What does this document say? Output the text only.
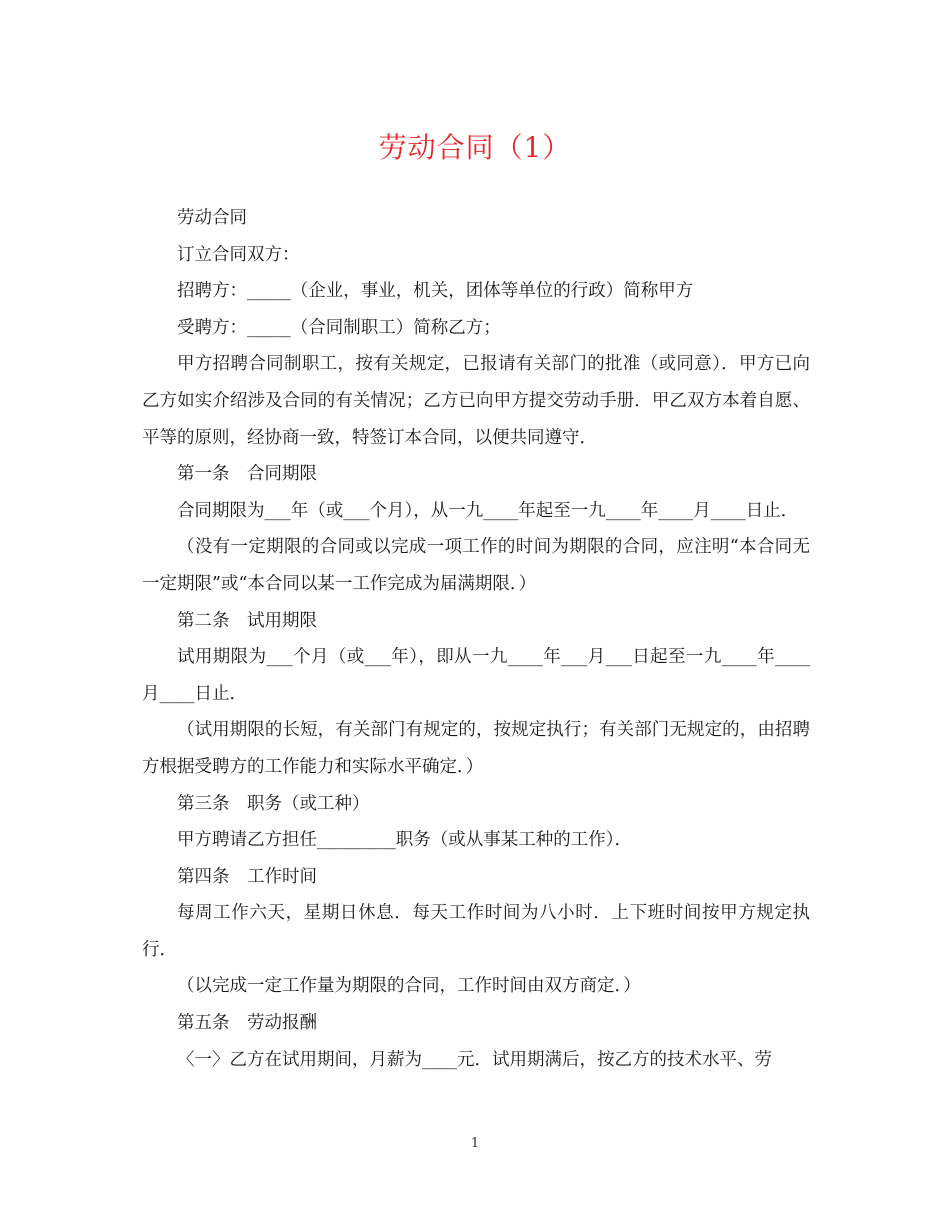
劳动合同（1）

劳动合同

订立合同双方：

招聘方：_____（企业，事业，机关，团体等单位的行政）简称甲方

受聘方：_____（合同制职工）简称乙方；

甲方招聘合同制职工，按有关规定，已报请有关部门的批准（或同意）．甲方已向乙方如实介绍涉及合同的有关情况；乙方已向甲方提交劳动手册．甲乙双方本着自愿、平等的原则，经协商一致，特签订本合同，以便共同遵守．

第一条　合同期限

合同期限为___年（或___个月），从一九____年起至一九____年____月____日止．

（没有一定期限的合同或以完成一项工作的时间为期限的合同，应注明“本合同无一定期限”或“本合同以某一工作完成为届满期限．）

第二条　试用期限

试用期限为___个月（或___年），即从一九____年___月___日起至一九____年____月____日止．

（试用期限的长短，有关部门有规定的，按规定执行；有关部门无规定的，由招聘方根据受聘方的工作能力和实际水平确定．）

第三条　职务（或工种）

甲方聘请乙方担任_________职务（或从事某工种的工作）．

第四条　工作时间

每周工作六天，星期日休息．每天工作时间为八小时．上下班时间按甲方规定执行．

（以完成一定工作量为期限的合同，工作时间由双方商定．）

第五条　劳动报酬

〈一〉乙方在试用期间，月薪为____元．试用期满后，按乙方的技术水平、劳

1
